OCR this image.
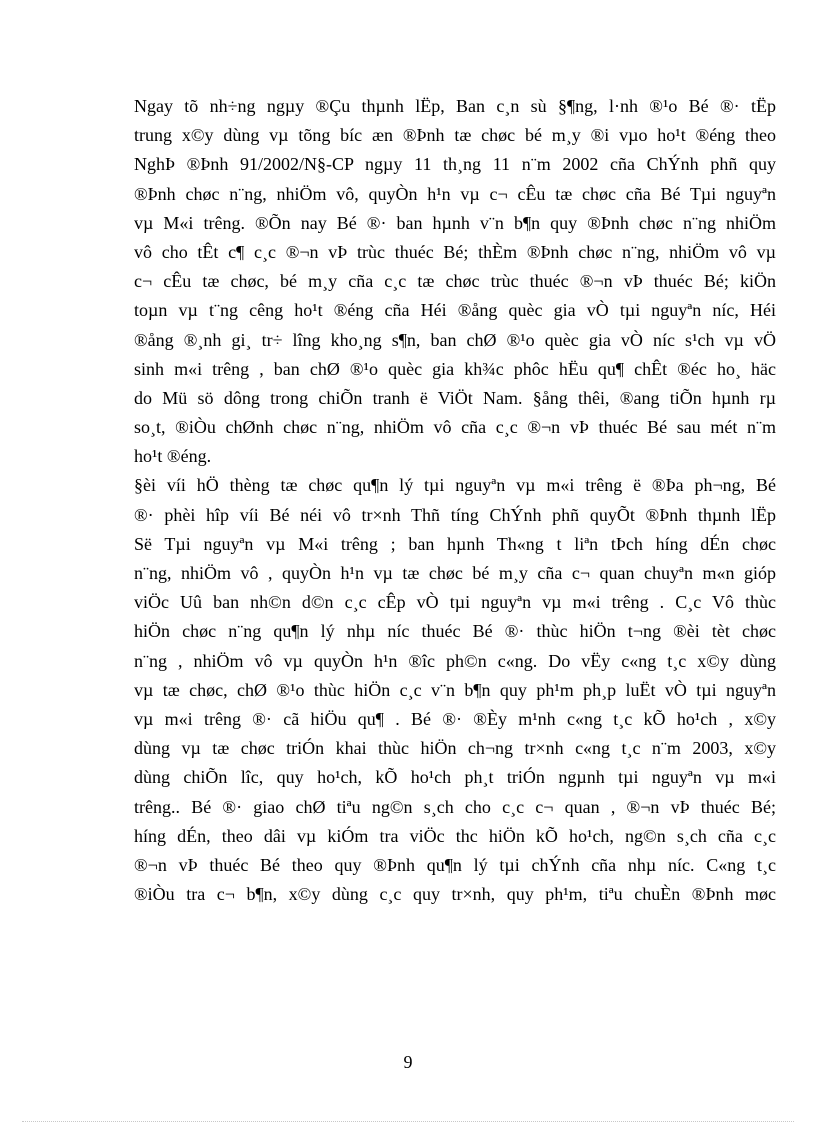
Ngay tõ nh÷ng ngµy ®Çu thµnh lËp, Ban c¸n sù §¶ng, l·nh ®¹o Bé ®· tËp
trung x©y dùng vµ tõng bíc æn ®Þnh tæ chøc bé m¸y ®i vµo ho¹t ®éng theo
NghÞ ®Þnh 91/2002/N§-CP ngµy 11 th¸ng 11 n¨m 2002 cña ChÝnh phñ quy
®Þnh chøc n¨ng, nhiÖm vô, quyÒn h¹n vµ c¬ cÊu tæ chøc cña Bé Tµi nguyªn
vµ M«i trêng. ®Õn nay Bé ®· ban hµnh v¨n b¶n quy ®Þnh chøc n¨ng nhiÖm
vô cho tÊt c¶ c¸c ®¬n vÞ trùc thuéc Bé; thÈm ®Þnh chøc n¨ng, nhiÖm vô vµ
c¬ cÊu tæ chøc, bé m¸y cña c¸c tæ chøc trùc thuéc ®¬n vÞ thuéc Bé; kiÖn
toµn vµ t¨ng cêng ho¹t ®éng cña Héi ®ång quèc gia vÒ tµi nguyªn níc, Héi
®ång ®¸nh gi¸ tr÷ lîng kho¸ng s¶n, ban chØ ®¹o quèc gia vÒ níc s¹ch vµ vÖ
sinh m«i trêng , ban chØ ®¹o quèc gia kh¾c phôc hËu qu¶ chÊt ®éc ho¸ häc
do Mü sö dông trong chiÕn tranh ë ViÖt Nam. §ång thêi, ®ang tiÕn hµnh rµ
so¸t, ®iÒu chØnh chøc n¨ng, nhiÖm vô cña c¸c ®¬n vÞ thuéc Bé sau mét n¨m
ho¹t ®éng.
§èi víi hÖ thèng tæ chøc qu¶n lý tµi nguyªn vµ m«i trêng ë ®Þa ph¬ng, Bé
®· phèi hîp víi Bé néi vô tr×nh Thñ tíng ChÝnh phñ quyÕt ®Þnh thµnh lËp
Së Tµi nguyªn vµ M«i trêng ; ban hµnh Th«ng t liªn tÞch híng dÉn chøc
n¨ng, nhiÖm vô , quyÒn h¹n vµ tæ chøc bé m¸y cña c¬ quan chuyªn m«n gióp
viÖc Uû ban nh©n d©n c¸c cÊp vÒ tµi nguyªn vµ m«i trêng . C¸c Vô thùc
hiÖn chøc n¨ng qu¶n lý nhµ níc thuéc Bé ®· thùc hiÖn t¬ng ®èi tèt chøc
n¨ng , nhiÖm vô vµ quyÒn h¹n ®îc ph©n c«ng. Do vËy c«ng t¸c x©y dùng
vµ tæ chøc, chØ ®¹o thùc hiÖn c¸c v¨n b¶n quy ph¹m ph¸p luËt vÒ tµi nguyªn
vµ m«i trêng ®· cã hiÖu qu¶ . Bé ®· ®Èy m¹nh c«ng t¸c kÕ ho¹ch , x©y
dùng vµ tæ chøc triÓn khai thùc hiÖn ch¬ng tr×nh c«ng t¸c n¨m 2003, x©y
dùng chiÕn lîc, quy ho¹ch, kÕ ho¹ch ph¸t triÓn ngµnh tµi nguyªn vµ m«i
trêng.. Bé ®· giao chØ tiªu ng©n s¸ch cho c¸c c¬ quan , ®¬n vÞ thuéc Bé;
híng dÉn, theo dâi vµ kiÓm tra viÖc thc hiÖn kÕ ho¹ch, ng©n s¸ch cña c¸c
®¬n vÞ thuéc Bé theo quy ®Þnh qu¶n lý tµi chÝnh cña nhµ níc. C«ng t¸c
®iÒu tra c¬ b¶n, x©y dùng c¸c quy tr×nh, quy ph¹m, tiªu chuÈn ®Þnh møc
9
